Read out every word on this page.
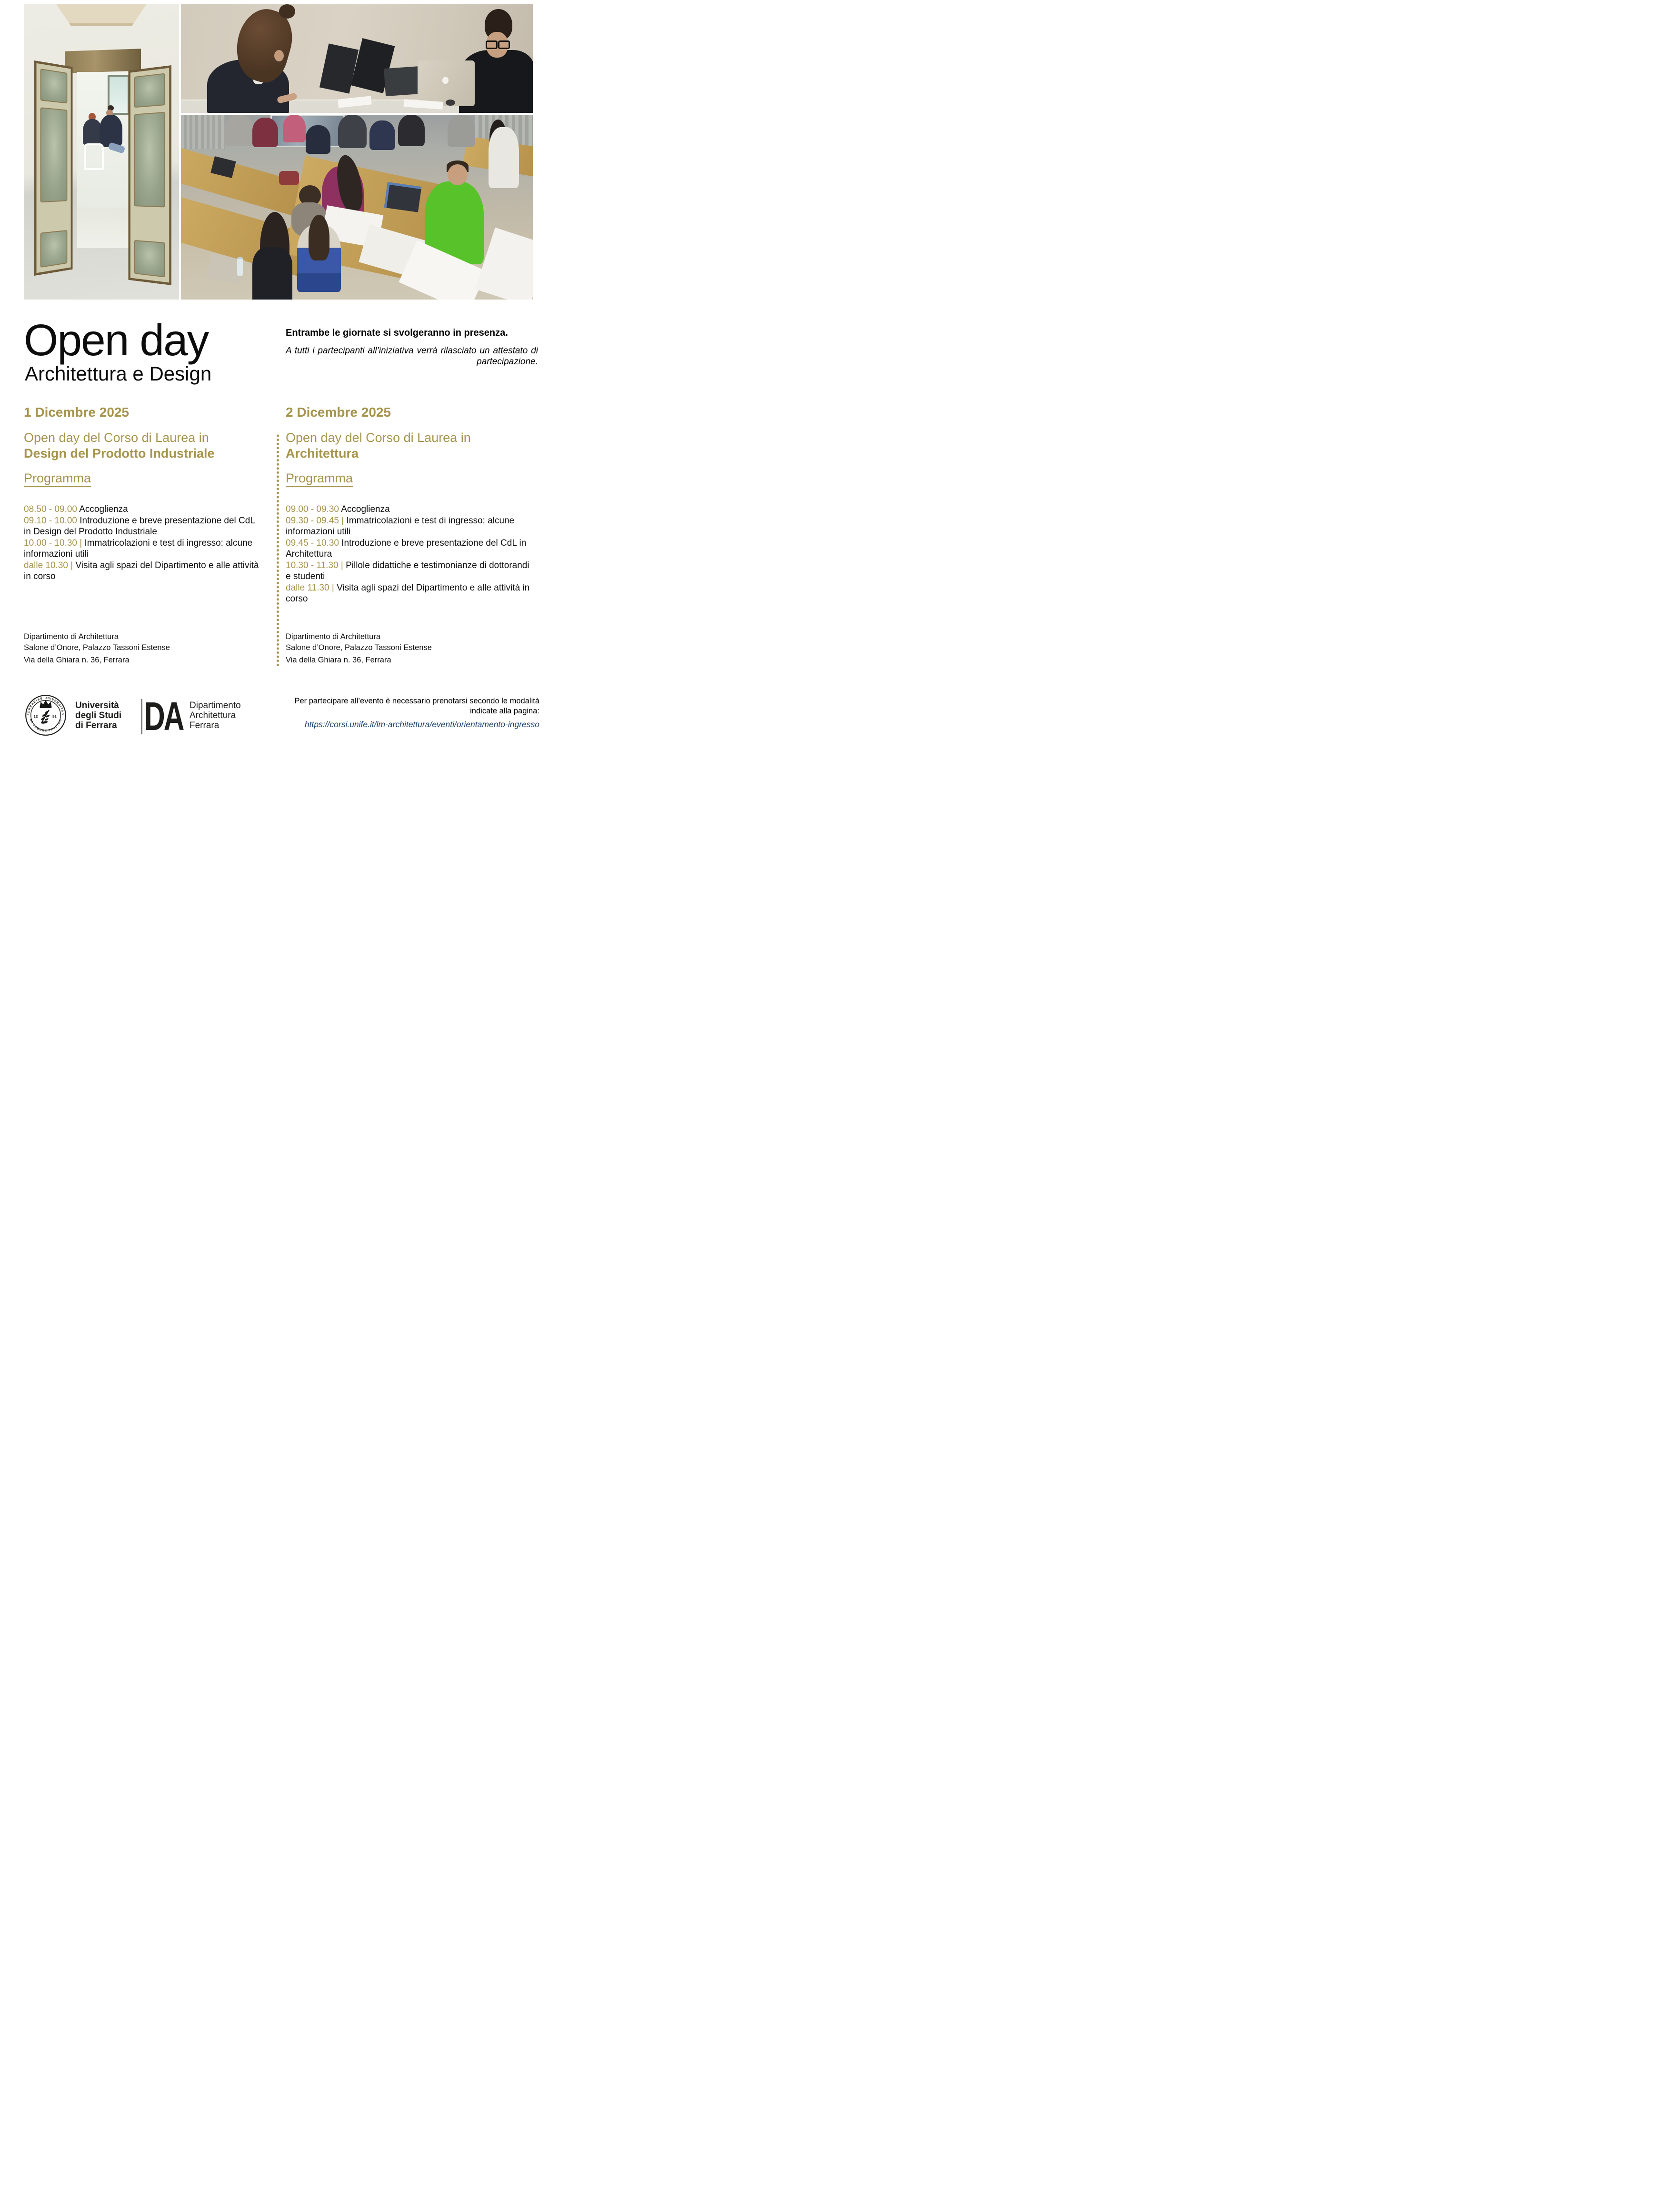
Open day
Architettura e Design

Entrambe le giornate si svolgeranno in presenza.

A tutti i partecipanti all’iniziativa verrà rilasciato un attestato di partecipazione.

1 Dicembre 2025

Open day del Corso di Laurea in

Design del Prodotto Industriale

Programma

08.50 - 09.00 Accoglienza

09.10 - 10.00 Introduzione e breve presentazione del CdL in Design del Prodotto Industriale

10.00 - 10.30 | Immatricolazioni e test di ingresso: alcune informazioni utili

dalle 10.30 | Visita agli spazi del Dipartimento e alle attività in corso

Dipartimento di Architettura

Salone d’Onore, Palazzo Tassoni Estense

Via della Ghiara n. 36, Ferrara

2 Dicembre 2025

Open day del Corso di Laurea in

Architettura

Programma

09.00 - 09.30 Accoglienza

09.30 - 09.45 | Immatricolazioni e test di ingresso: alcune informazioni utili

09.45 - 10.30 Introduzione e breve presentazione del CdL in Architettura

10.30 - 11.30 | Pillole didattiche e testimonianze di dottorandi e studenti

dalle 11.30 | Visita agli spazi del Dipartimento e alle attività in corso

Dipartimento di Architettura

Salone d’Onore, Palazzo Tassoni Estense

Via della Ghiara n. 36, Ferrara

FERRARIAE UNIVERSITAS
DE LABORE FRUCTUS
13	91

Università

degli Studi

di Ferrara DA Dipartimento

Architettura

Ferrara

Per partecipare all’evento è necessario prenotarsi secondo le modalità

indicate alla pagina:

https://corsi.unife.it/lm-architettura/eventi/orientamento-ingresso
